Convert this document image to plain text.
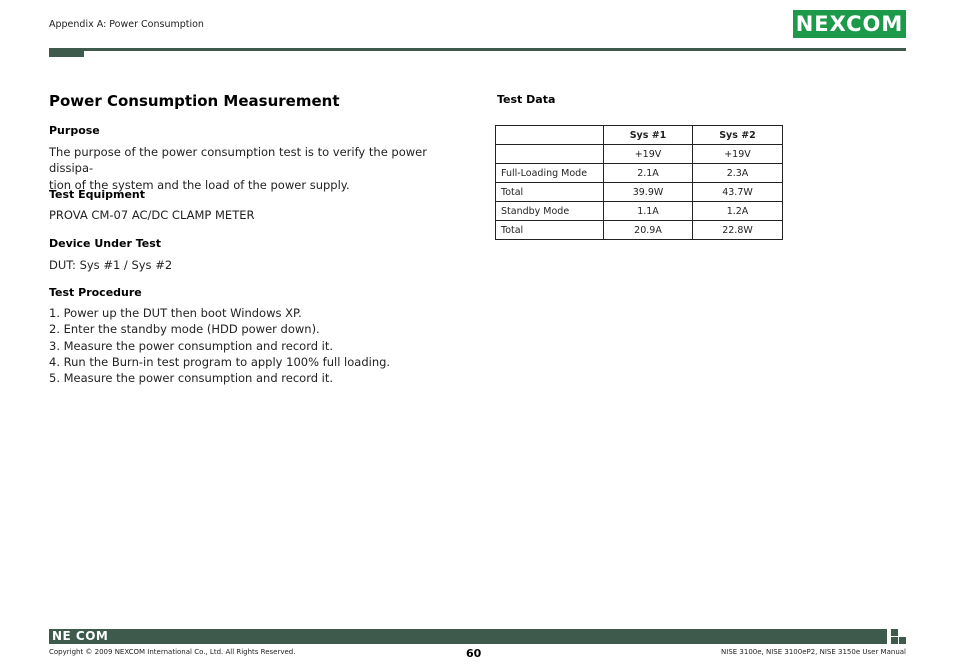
Appendix A: Power Consumption	NEXCOM
Power Consumption Measurement
Purpose
The purpose of the power consumption test is to verify the power dissipa-
tion of the system and the load of the power supply.
Test Equipment
PROVA CM-07 AC/DC CLAMP METER
Device Under Test
DUT: Sys #1 / Sys #2
Test Procedure
1. Power up the DUT then boot Windows XP.
2. Enter the standby mode (HDD power down).
3. Measure the power consumption and record it.
4. Run the Burn-in test program to apply 100% full loading.
5. Measure the power consumption and record it.
Test Data
	Sys #1	Sys #2
	+19V	+19V
Full-Loading Mode	2.1A	2.3A
Total	39.9W	43.7W
Standby Mode	1.1A	1.2A
Total	20.9A	22.8W
NE COM
Copyright © 2009 NEXCOM International Co., Ltd. All Rights Reserved.	60	NISE 3100e, NISE 3100eP2, NISE 3150e User Manual
